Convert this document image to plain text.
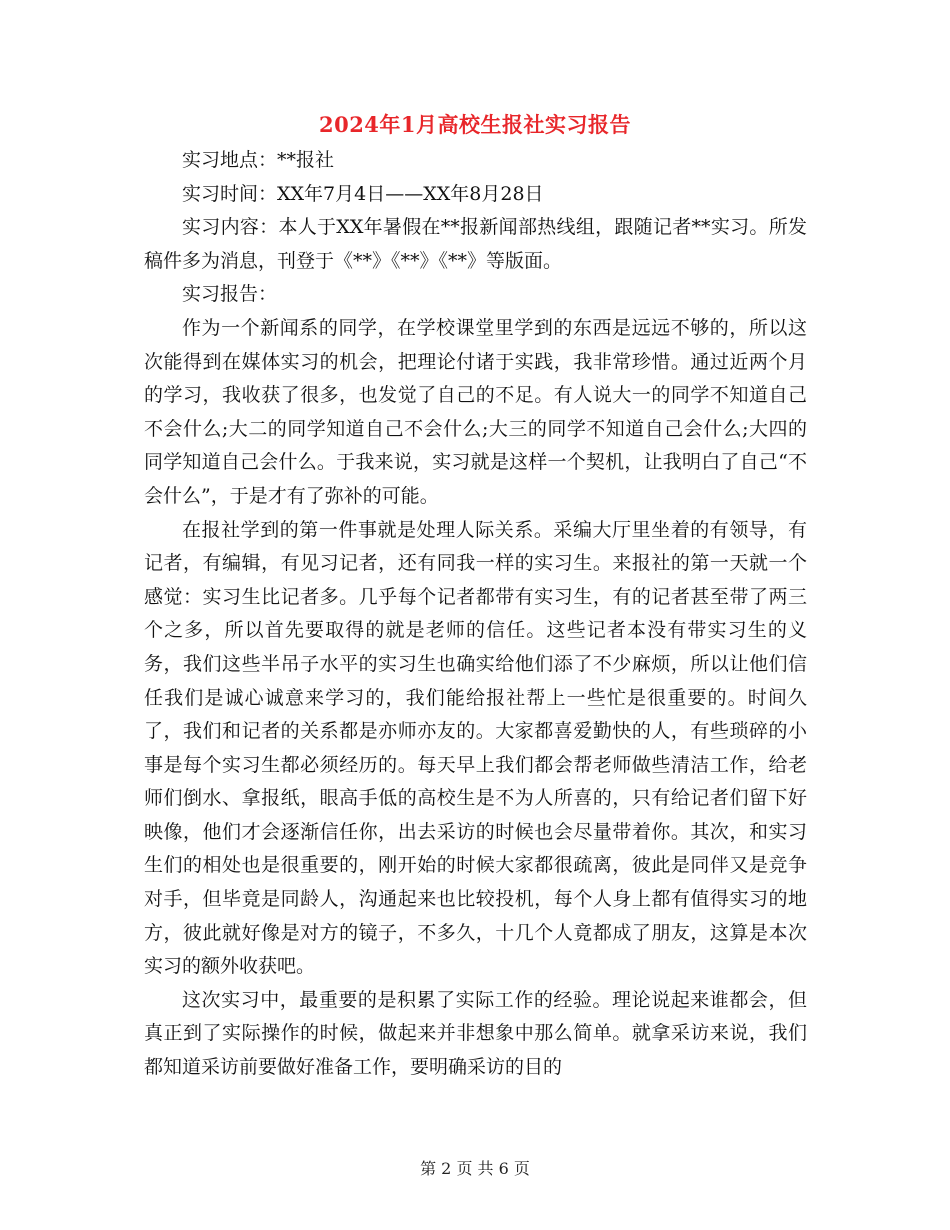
2024年1月高校生报社实习报告

实习地点：**报社

实习时间：XX年7月4日——XX年8月28日

实习内容：本人于XX年暑假在**报新闻部热线组，跟随记者**实习。所发稿件多为消息，刊登于《**》《**》《**》等版面。

实习报告：

作为一个新闻系的同学，在学校课堂里学到的东西是远远不够的，所以这次能得到在媒体实习的机会，把理论付诸于实践，我非常珍惜。通过近两个月的学习，我收获了很多，也发觉了自己的不足。有人说大一的同学不知道自己不会什么;大二的同学知道自己不会什么;大三的同学不知道自己会什么;大四的同学知道自己会什么。于我来说，实习就是这样一个契机，让我明白了自己“不会什么”，于是才有了弥补的可能。

在报社学到的第一件事就是处理人际关系。采编大厅里坐着的有领导，有记者，有编辑，有见习记者，还有同我一样的实习生。来报社的第一天就一个感觉：实习生比记者多。几乎每个记者都带有实习生，有的记者甚至带了两三个之多，所以首先要取得的就是老师的信任。这些记者本没有带实习生的义务，我们这些半吊子水平的实习生也确实给他们添了不少麻烦，所以让他们信任我们是诚心诚意来学习的，我们能给报社帮上一些忙是很重要的。时间久了，我们和记者的关系都是亦师亦友的。大家都喜爱勤快的人，有些琐碎的小事是每个实习生都必须经历的。每天早上我们都会帮老师做些清洁工作，给老师们倒水、拿报纸，眼高手低的高校生是不为人所喜的，只有给记者们留下好映像，他们才会逐渐信任你，出去采访的时候也会尽量带着你。其次，和实习生们的相处也是很重要的，刚开始的时候大家都很疏离，彼此是同伴又是竞争对手，但毕竟是同龄人，沟通起来也比较投机，每个人身上都有值得实习的地方，彼此就好像是对方的镜子，不多久，十几个人竟都成了朋友，这算是本次实习的额外收获吧。

这次实习中，最重要的是积累了实际工作的经验。理论说起来谁都会，但真正到了实际操作的时候，做起来并非想象中那么简单。就拿采访来说，我们都知道采访前要做好准备工作，要明确采访的目的

第 2 页 共 6 页
